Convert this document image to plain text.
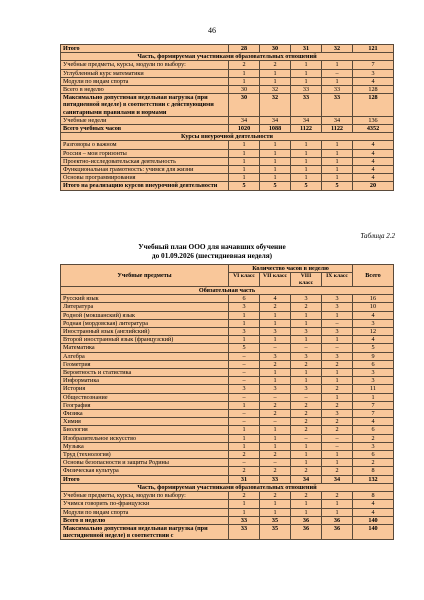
46
Итого	28	30	31	32	121
Часть, формируемая участниками образовательных отношений					
Учебные предметы, курсы, модули по выбору:	2	2	1	1	7
Углубленный курс математики	1	1	1	–	3
Модули по видам спорта	1	1	1	1	4
Всего в неделю	30	32	33	33	128
Максимально допустимая недельная нагрузка (при пятидневной неделе) в соответствии с действующими санитарными правилами и нормами	30	32	33	33	128
Учебные недели	34	34	34	34	136
Всего учебных часов	1020	1088	1122	1122	4352
Курсы внеурочной деятельности					
Разговоры о важном	1	1	1	1	4
Россия – мои горизонты	1	1	1	1	4
Проектно-исследовательская деятельность	1	1	1	1	4
Функциональная грамотность: учимся для жизни	1	1	1	1	4
Основы программирования	1	1	1	1	4
Итого на реализацию курсов внеурочной деятельности	5	5	5	5	20
Таблица 2.2
Учебный план ООО для начавших обучение
до 01.09.2026 (шестидневная неделя)
Учебные предметы	Количество часов в неделю				Всего
	VI класс	VII класс	VIII класс	IX класс	
Обязательная часть					
Русский язык	6	4	3	3	16
Литература	3	2	2	3	10
Родной (мокшанский) язык	1	1	1	1	4
Родная (мордовская) литература	1	1	1	–	3
Иностранный язык (английский)	3	3	3	3	12
Второй иностранный язык (французский)	1	1	1	1	4
Математика	5	–	–	–	5
Алгебра	–	3	3	3	9
Геометрия	–	2	2	2	6
Вероятность и статистика	–	1	1	1	3
Информатика	–	1	1	1	3
История	3	3	3	2	11
Обществознание	–	–	–	1	1
География	1	2	2	2	7
Физика	–	2	2	3	7
Химия	–	–	2	2	4
Биология	1	1	2	2	6
Изобразительное искусство	1	1	–	–	2
Музыка	1	1	1	–	3
Труд (технология)	2	2	1	1	6
Основы безопасности и защиты Родины	–	–	1	1	2
Физическая культура	2	2	2	2	8
Итого	31	33	34	34	132
Часть, формируемая участниками образовательных отношений					
Учебные предметы, курсы, модули по выбору:	2	2	2	2	8
Учимся говорить по-французски	1	1	1	1	4
Модули по видам спорта	1	1	1	1	4
Всего в неделю	33	35	36	36	140
Максимально допустимая недельная нагрузка (при шестидневной неделе) в соответствии с	33	35	36	36	140
